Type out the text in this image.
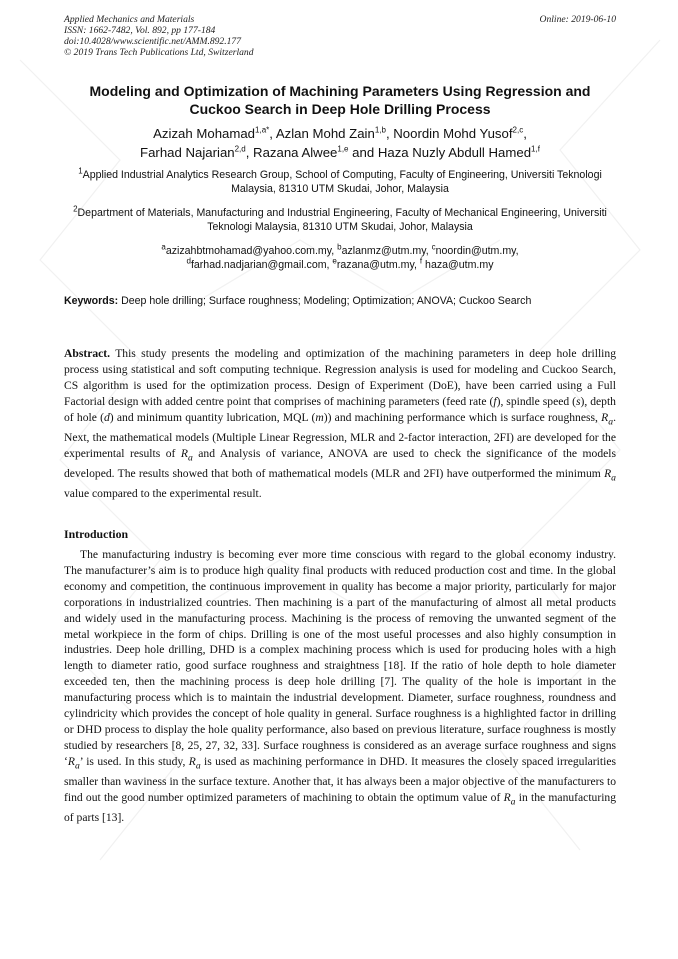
Applied Mechanics and Materials
ISSN: 1662-7482, Vol. 892, pp 177-184
doi:10.4028/www.scientific.net/AMM.892.177
© 2019 Trans Tech Publications Ltd, Switzerland
Online: 2019-06-10
Modeling and Optimization of Machining Parameters Using Regression and Cuckoo Search in Deep Hole Drilling Process
Azizah Mohamad$^{1,a*}$, Azlan Mohd Zain$^{1,b}$, Noordin Mohd Yusof$^{2,c}$,
Farhad Najarian$^{2,d}$, Razana Alwee$^{1,e}$ and Haza Nuzly Abdull Hamed$^{1,f}$
$^1$Applied Industrial Analytics Research Group, School of Computing, Faculty of Engineering, Universiti Teknologi Malaysia, 81310 UTM Skudai, Johor, Malaysia
$^2$Department of Materials, Manufacturing and Industrial Engineering, Faculty of Mechanical Engineering, Universiti Teknologi Malaysia, 81310 UTM Skudai, Johor, Malaysia
$^a$azizahbtmohamad@yahoo.com.my, $^b$azlanmz@utm.my, $^c$noordin@utm.my,
$^d$farhad.nadjarian@gmail.com, $^e$razana@utm.my, $^f$ haza@utm.my
Keywords: Deep hole drilling; Surface roughness; Modeling; Optimization; ANOVA; Cuckoo Search
Abstract. This study presents the modeling and optimization of the machining parameters in deep hole drilling process using statistical and soft computing technique. Regression analysis is used for modeling and Cuckoo Search, CS algorithm is used for the optimization process. Design of Experiment (DoE), have been carried using a Full Factorial design with added centre point that comprises of machining parameters (feed rate (f), spindle speed (s), depth of hole (d) and minimum quantity lubrication, MQL (m)) and machining performance which is surface roughness, $R_a$. Next, the mathematical models (Multiple Linear Regression, MLR and 2-factor interaction, 2FI) are developed for the experimental results of $R_a$ and Analysis of variance, ANOVA are used to check the significance of the models developed. The results showed that both of mathematical models (MLR and 2FI) have outperformed the minimum $R_a$ value compared to the experimental result.
Introduction
The manufacturing industry is becoming ever more time conscious with regard to the global economy industry. The manufacturer’s aim is to produce high quality final products with reduced production cost and time. In the global economy and competition, the continuous improvement in quality has become a major priority, particularly for major corporations in industrialized countries. Then machining is a part of the manufacturing of almost all metal products and widely used in the manufacturing process. Machining is the process of removing the unwanted segment of the metal workpiece in the form of chips. Drilling is one of the most useful processes and also highly consumption in industries. Deep hole drilling, DHD is a complex machining process which is used for producing holes with a high length to diameter ratio, good surface roughness and straightness [18]. If the ratio of hole depth to hole diameter exceeded ten, then the machining process is deep hole drilling [7]. The quality of the hole is important in the manufacturing process which is to maintain the industrial development. Diameter, surface roughness, roundness and cylindricity which provides the concept of hole quality in general. Surface roughness is a highlighted factor in drilling or DHD process to display the hole quality performance, also based on previous literature, surface roughness is mostly studied by researchers [8, 25, 27, 32, 33]. Surface roughness is considered as an average surface roughness and signs ‘$R_a$’ is used. In this study, $R_a$ is used as machining performance in DHD. It measures the closely spaced irregularities smaller than waviness in the surface texture. Another that, it has always been a major objective of the manufacturers to find out the good number optimized parameters of machining to obtain the optimum value of $R_a$ in the manufacturing of parts [13].
